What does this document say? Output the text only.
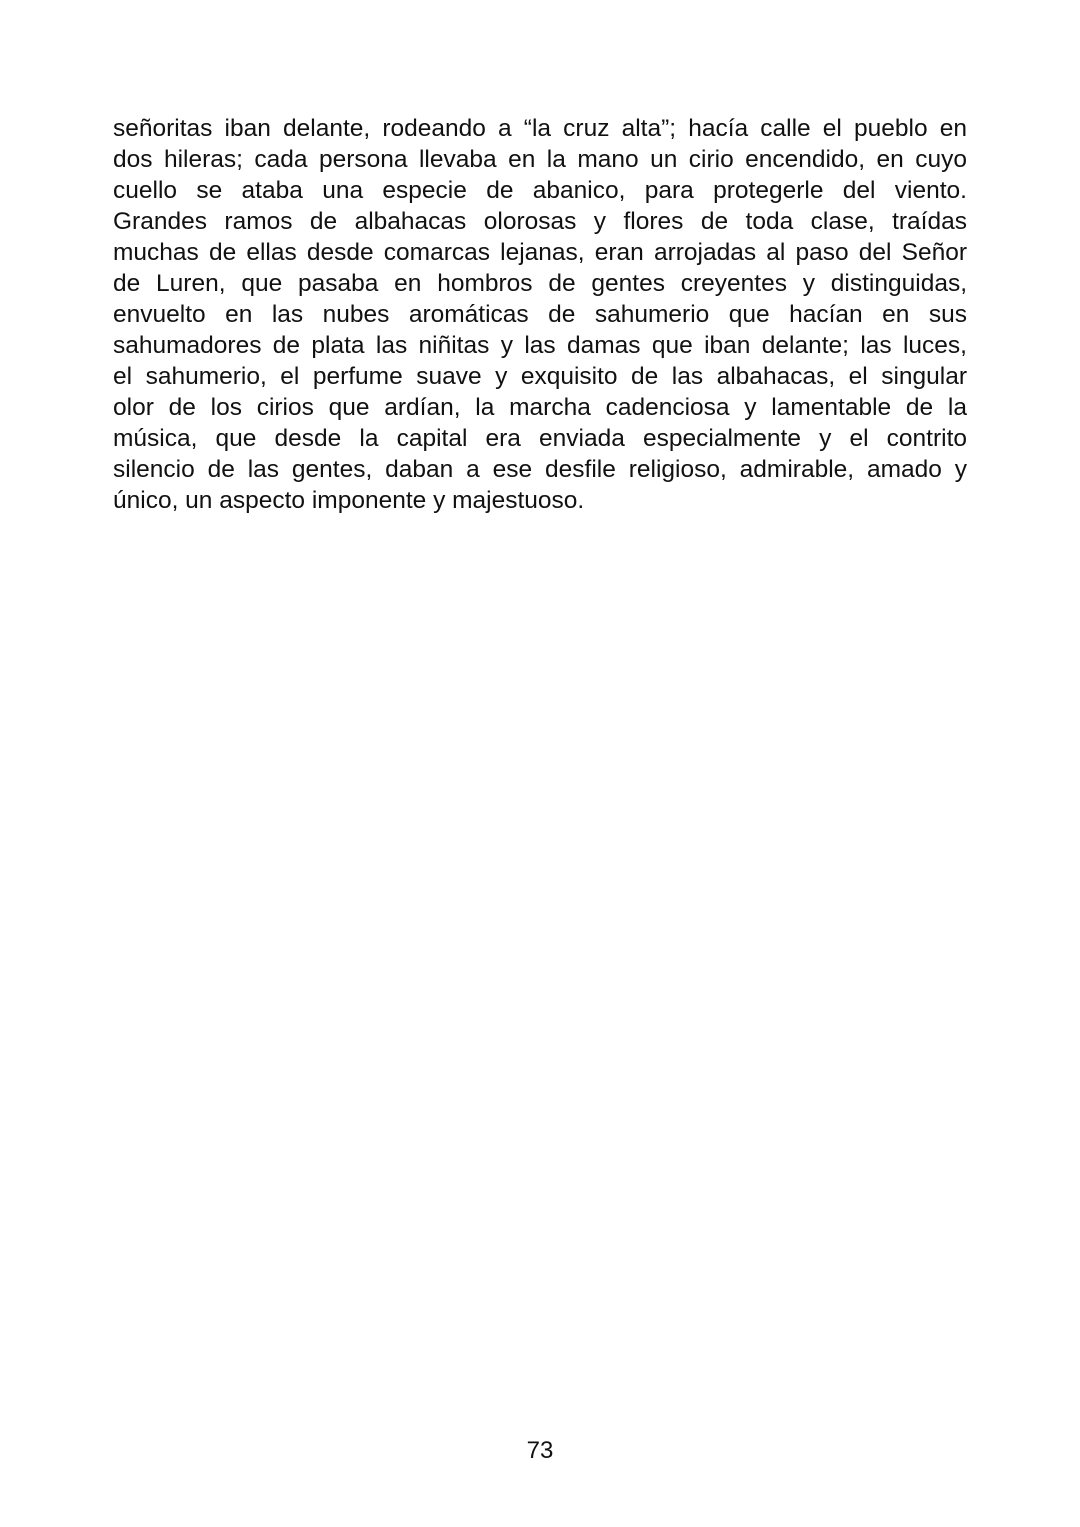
señoritas iban delante, rodeando a “la cruz alta”; hacía calle el pueblo en
dos hileras; cada persona llevaba en la mano un cirio encendido, en cuyo
cuello se ataba una especie de abanico, para protegerle del viento.
Grandes ramos de albahacas olorosas y flores de toda clase, traídas
muchas de ellas desde comarcas lejanas, eran arrojadas al paso del Señor
de Luren, que pasaba en hombros de gentes creyentes y distinguidas,
envuelto en las nubes aromáticas de sahumerio que hacían en sus
sahumadores de plata las niñitas y las damas que iban delante; las luces,
el sahumerio, el perfume suave y exquisito de las albahacas, el singular
olor de los cirios que ardían, la marcha cadenciosa y lamentable de la
música, que desde la capital era enviada especialmente y el contrito
silencio de las gentes, daban a ese desfile religioso, admirable, amado y
único, un aspecto imponente y majestuoso.
73
